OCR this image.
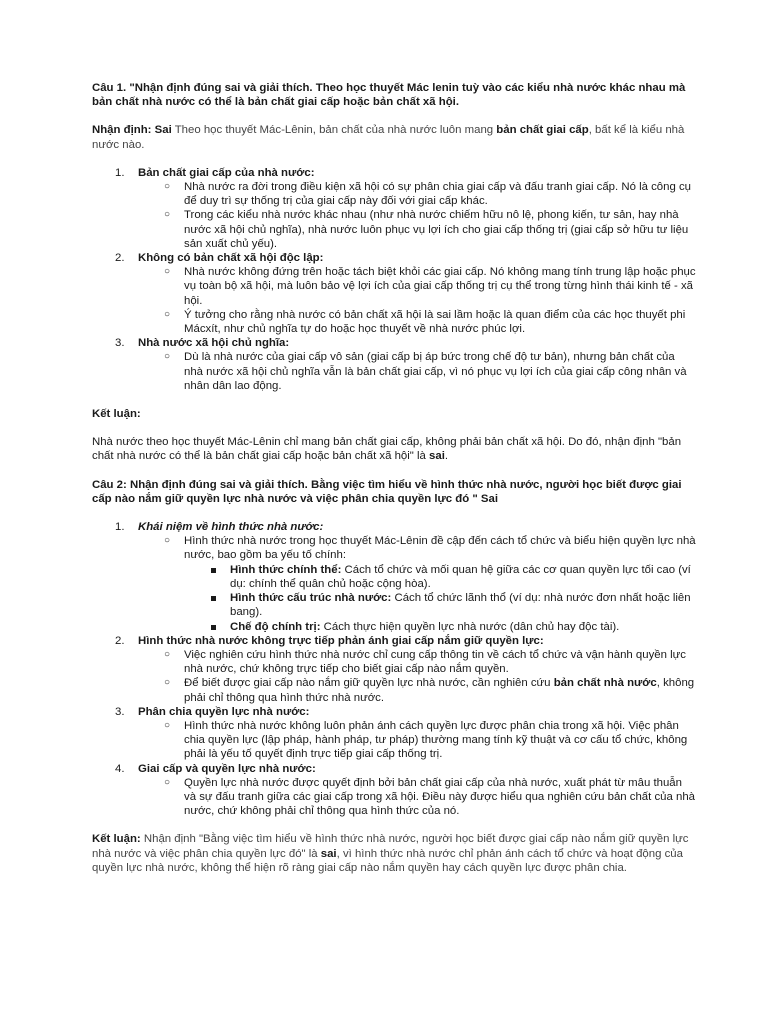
Câu 1. "Nhận định đúng sai và giải thích. Theo học thuyết Mác lenin tuỳ vào các kiểu nhà nước khác nhau mà bản chất nhà nước có thể là bản chất giai cấp hoặc bản chất xã hội.

Nhận định: Sai Theo học thuyết Mác-Lênin, bản chất của nhà nước luôn mang bản chất giai cấp, bất kể là kiểu nhà nước nào.

1. Bản chất giai cấp của nhà nước:
○ Nhà nước ra đời trong điều kiện xã hội có sự phân chia giai cấp và đấu tranh giai cấp. Nó là công cụ để duy trì sự thống trị của giai cấp này đối với giai cấp khác.
○ Trong các kiểu nhà nước khác nhau (như nhà nước chiếm hữu nô lệ, phong kiến, tư sản, hay nhà nước xã hội chủ nghĩa), nhà nước luôn phục vụ lợi ích cho giai cấp thống trị (giai cấp sở hữu tư liệu sản xuất chủ yếu).
2. Không có bản chất xã hội độc lập:
○ Nhà nước không đứng trên hoặc tách biệt khỏi các giai cấp. Nó không mang tính trung lập hoặc phục vụ toàn bộ xã hội, mà luôn bảo vệ lợi ích của giai cấp thống trị cụ thể trong từng hình thái kinh tế - xã hội.
○ Ý tưởng cho rằng nhà nước có bản chất xã hội là sai lầm hoặc là quan điểm của các học thuyết phi Mácxít, như chủ nghĩa tự do hoặc học thuyết về nhà nước phúc lợi.
3. Nhà nước xã hội chủ nghĩa:
○ Dù là nhà nước của giai cấp vô sản (giai cấp bị áp bức trong chế độ tư bản), nhưng bản chất của nhà nước xã hội chủ nghĩa vẫn là bản chất giai cấp, vì nó phục vụ lợi ích của giai cấp công nhân và nhân dân lao động.

Kết luận:

Nhà nước theo học thuyết Mác-Lênin chỉ mang bản chất giai cấp, không phải bản chất xã hội. Do đó, nhận định "bản chất nhà nước có thể là bản chất giai cấp hoặc bản chất xã hội" là sai.

Câu 2: Nhận định đúng sai và giải thích. Bằng việc tìm hiểu về hình thức nhà nước, người học biết được giai cấp nào nắm giữ quyền lực nhà nước và việc phân chia quyền lực đó " Sai

1. Khái niệm về hình thức nhà nước:
○ Hình thức nhà nước trong học thuyết Mác-Lênin đề cập đến cách tổ chức và biểu hiện quyền lực nhà nước, bao gồm ba yếu tố chính:
Hình thức chính thể: Cách tổ chức và mối quan hệ giữa các cơ quan quyền lực tối cao (ví dụ: chính thể quân chủ hoặc cộng hòa).
Hình thức cấu trúc nhà nước: Cách tổ chức lãnh thổ (ví dụ: nhà nước đơn nhất hoặc liên bang).
Chế độ chính trị: Cách thực hiện quyền lực nhà nước (dân chủ hay độc tài).
2. Hình thức nhà nước không trực tiếp phản ánh giai cấp nắm giữ quyền lực:
○ Việc nghiên cứu hình thức nhà nước chỉ cung cấp thông tin về cách tổ chức và vận hành quyền lực nhà nước, chứ không trực tiếp cho biết giai cấp nào nắm quyền.
○ Để biết được giai cấp nào nắm giữ quyền lực nhà nước, cần nghiên cứu bản chất nhà nước, không phải chỉ thông qua hình thức nhà nước.
3. Phân chia quyền lực nhà nước:
○ Hình thức nhà nước không luôn phản ánh cách quyền lực được phân chia trong xã hội. Việc phân chia quyền lực (lập pháp, hành pháp, tư pháp) thường mang tính kỹ thuật và cơ cấu tổ chức, không phải là yếu tố quyết định trực tiếp giai cấp thống trị.
4. Giai cấp và quyền lực nhà nước:
○ Quyền lực nhà nước được quyết định bởi bản chất giai cấp của nhà nước, xuất phát từ mâu thuẫn và sự đấu tranh giữa các giai cấp trong xã hội. Điều này được hiểu qua nghiên cứu bản chất của nhà nước, chứ không phải chỉ thông qua hình thức của nó.

Kết luận: Nhận định "Bằng việc tìm hiểu về hình thức nhà nước, người học biết được giai cấp nào nắm giữ quyền lực nhà nước và việc phân chia quyền lực đó" là sai, vì hình thức nhà nước chỉ phản ánh cách tổ chức và hoạt động của quyền lực nhà nước, không thể hiện rõ ràng giai cấp nào nắm quyền hay cách quyền lực được phân chia.
